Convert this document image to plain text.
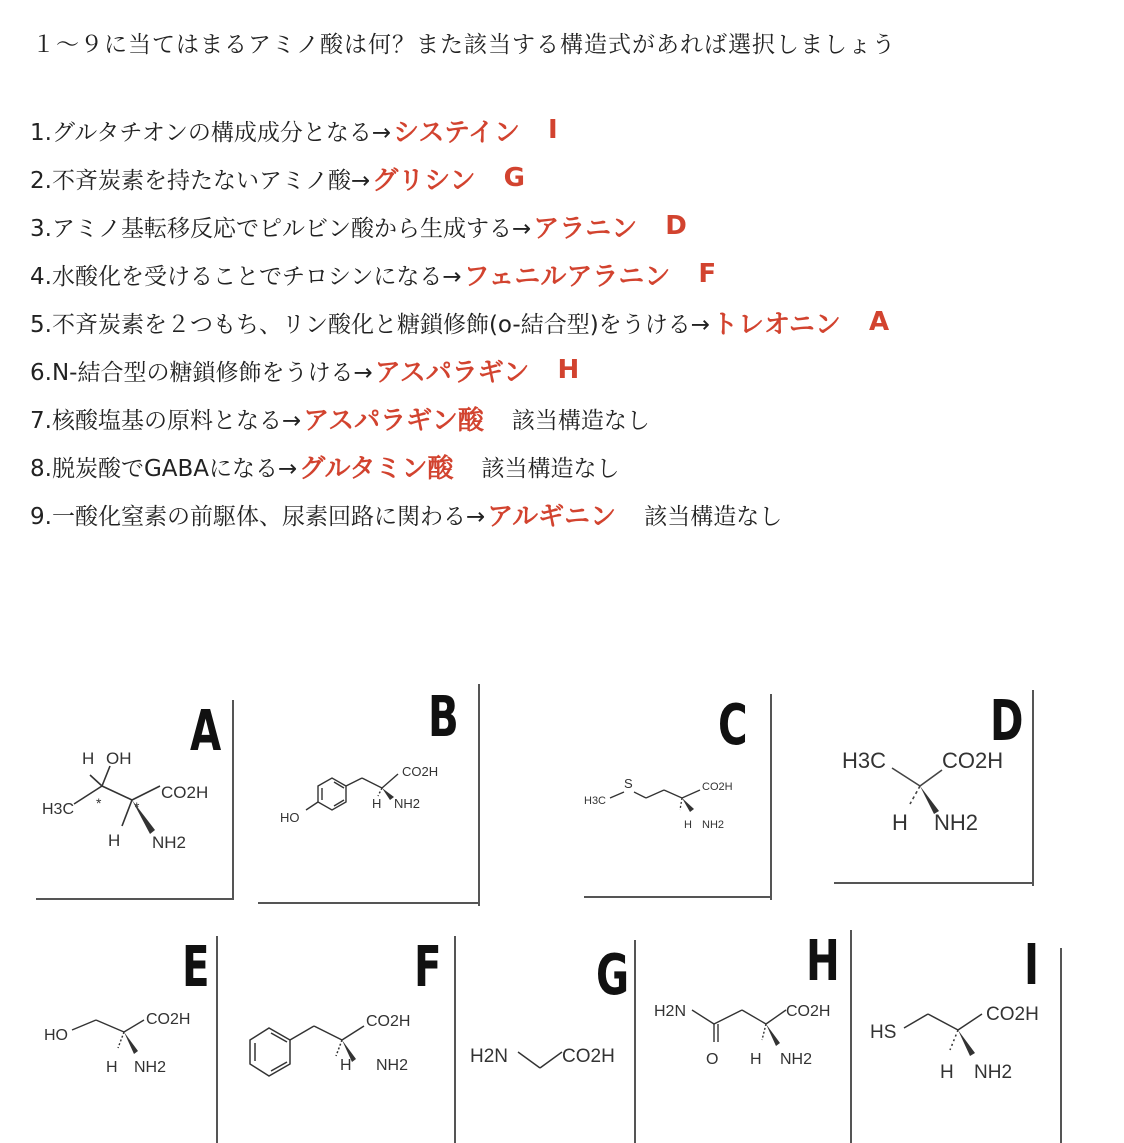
１〜９に当てはまるアミノ酸は何？また該当する構造式があれば選択しましょう
1.グルタチオンの構成成分となる→ システイン I
2.不斉炭素を持たないアミノ酸→ グリシン G
3.アミノ基転移反応でピルビン酸から生成する→ アラニン D
4.水酸化を受けることでチロシンになる→ フェニルアラニン F
5.不斉炭素を２つもち、リン酸化と糖鎖修飾(o-結合型)をうける→ トレオニン A
6.N-結合型の糖鎖修飾をうける→ アスパラギン H
7.核酸塩基の原料となる→ アスパラギン酸 該当構造なし
8.脱炭酸でGABAになる→ グルタミン酸 該当構造なし
9.一酸化窒素の前駆体、尿素回路に関わる→ アルギニン 該当構造なし
A
H OH
H3C
CO2H
H NH2
* *
B
CO2H
HO
H NH2
C
S
H3C
CO2H
H NH2
D
H3C	CO2H
H NH2
E
HO
CO2H
H NH2
F
CO2H
H NH2
G
H2N	CO2H
H
H2N
O
CO2H
H NH2
I
HS
CO2H
H NH2
